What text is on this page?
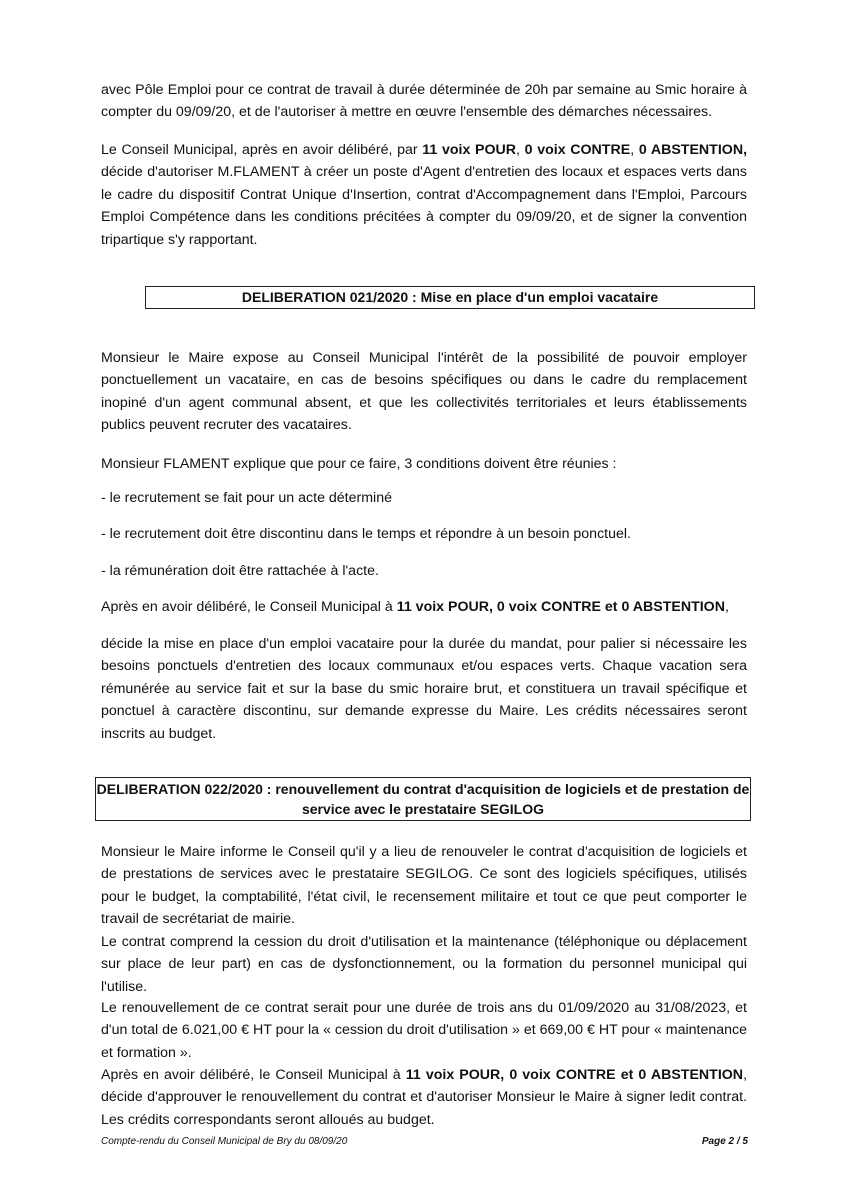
avec Pôle Emploi pour ce contrat de travail à durée déterminée de 20h par semaine au Smic horaire à compter du 09/09/20, et de l'autoriser à mettre en œuvre l'ensemble des démarches nécessaires.

Le Conseil Municipal, après en avoir délibéré, par 11 voix POUR, 0 voix CONTRE, 0 ABSTENTION, décide d'autoriser M.FLAMENT à créer un poste d'Agent d'entretien des locaux et espaces verts dans le cadre du dispositif Contrat Unique d'Insertion, contrat d'Accompagnement dans l'Emploi, Parcours Emploi Compétence dans les conditions précitées à compter du 09/09/20, et de signer la convention tripartique s'y rapportant.

DELIBERATION 021/2020 : Mise en place d'un emploi vacataire

Monsieur le Maire expose au Conseil Municipal l'intérêt de la possibilité de pouvoir employer ponctuellement un vacataire, en cas de besoins spécifiques ou dans le cadre du remplacement inopiné d'un agent communal absent, et que les collectivités territoriales et leurs établissements publics peuvent recruter des vacataires.

Monsieur FLAMENT explique que pour ce faire, 3 conditions doivent être réunies :

- le recrutement se fait pour un acte déterminé

- le recrutement doit être discontinu dans le temps et répondre à un besoin ponctuel.

- la rémunération doit être rattachée à l'acte.

Après en avoir délibéré, le Conseil Municipal à 11 voix POUR, 0 voix CONTRE et 0 ABSTENTION,

décide la mise en place d'un emploi vacataire pour la durée du mandat, pour palier si nécessaire les besoins ponctuels d'entretien des locaux communaux et/ou espaces verts. Chaque vacation sera rémunérée au service fait et sur la base du smic horaire brut, et constituera un travail spécifique et ponctuel à caractère discontinu, sur demande expresse du Maire. Les crédits nécessaires seront inscrits au budget.

DELIBERATION 022/2020 : renouvellement du contrat d'acquisition de logiciels et de prestation de
service avec le prestataire SEGILOG

Monsieur le Maire informe le Conseil qu'il y a lieu de renouveler le contrat d'acquisition de logiciels et de prestations de services avec le prestataire SEGILOG. Ce sont des logiciels spécifiques, utilisés pour le budget, la comptabilité, l'état civil, le recensement militaire et tout ce que peut comporter le travail de secrétariat de mairie.

Le contrat comprend la cession du droit d'utilisation et la maintenance (téléphonique ou déplacement sur place de leur part) en cas de dysfonctionnement, ou la formation du personnel municipal qui l'utilise.

Le renouvellement de ce contrat serait pour une durée de trois ans du 01/09/2020 au 31/08/2023, et d'un total de 6.021,00 € HT pour la « cession du droit d'utilisation » et 669,00 € HT pour « maintenance et formation ».

Après en avoir délibéré, le Conseil Municipal à 11 voix POUR, 0 voix CONTRE et 0 ABSTENTION, décide d'approuver le renouvellement du contrat et d'autoriser Monsieur le Maire à signer ledit contrat. Les crédits correspondants seront alloués au budget.

Compte-rendu du Conseil Municipal de Bry du 08/09/20	Page 2 / 5
